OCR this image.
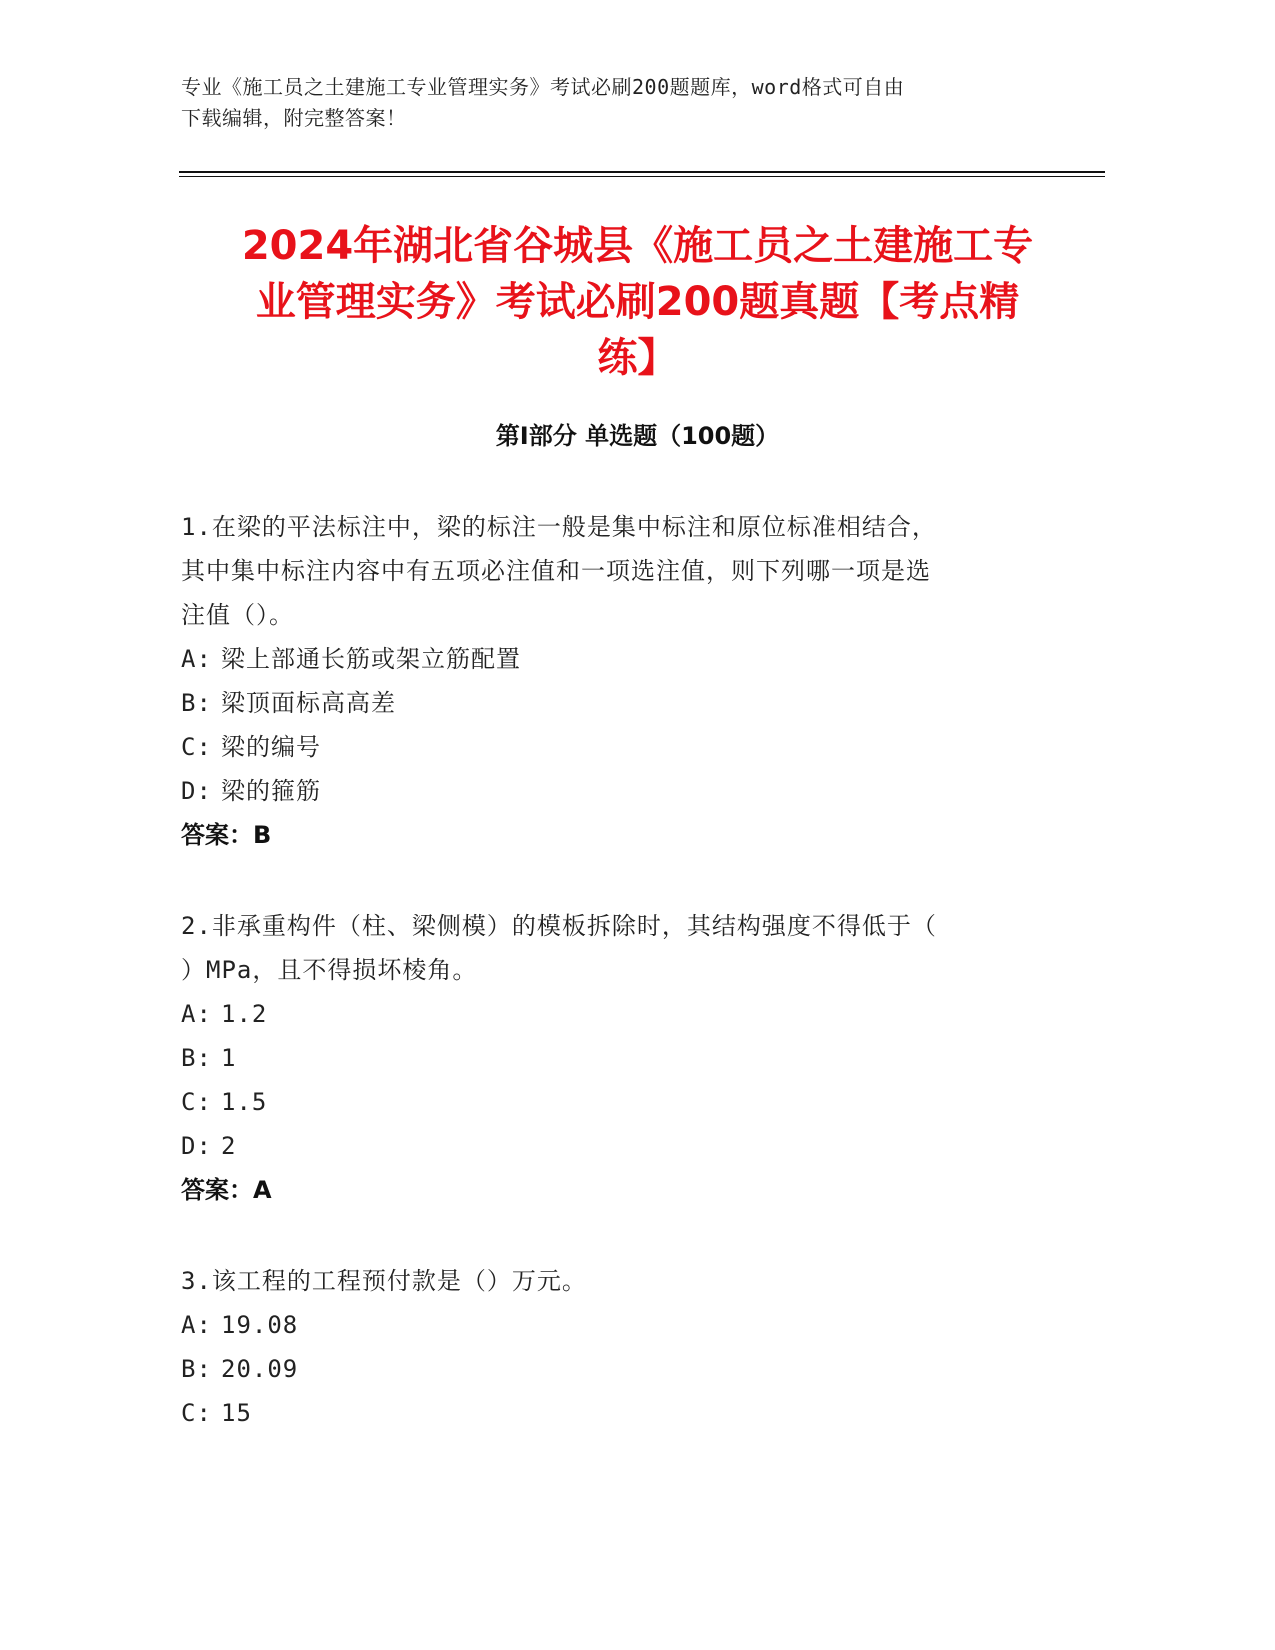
专业《施工员之土建施工专业管理实务》考试必刷200题题库，word格式可自由
下载编辑，附完整答案！
2024年湖北省谷城县《施工员之土建施工专
业管理实务》考试必刷200题真题【考点精
练】
第I部分 单选题（100题）
1.在梁的平法标注中，梁的标注一般是集中标注和原位标准相结合，
其中集中标注内容中有五项必注值和一项选注值，则下列哪一项是选
注值（）。
A: 梁上部通长筋或架立筋配置
B: 梁顶面标高高差
C: 梁的编号
D: 梁的箍筋
答案：B
2.非承重构件（柱、梁侧模）的模板拆除时，其结构强度不得低于（
）MPa，且不得损坏棱角。
A: 1.2
B: 1
C: 1.5
D: 2
答案：A
3.该工程的工程预付款是（）万元。
A: 19.08
B: 20.09
C: 15
